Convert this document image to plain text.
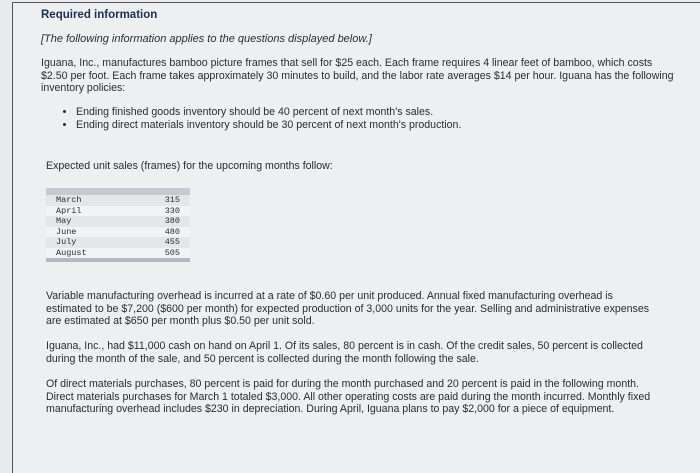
Required information
[The following information applies to the questions displayed below.]

Iguana, Inc., manufactures bamboo picture frames that sell for $25 each. Each frame requires 4 linear feet of bamboo, which costs $2.50 per foot. Each frame takes approximately 30 minutes to build, and the labor rate averages $14 per hour. Iguana has the following inventory policies:

• Ending finished goods inventory should be 40 percent of next month's sales.
• Ending direct materials inventory should be 30 percent of next month's production.

Expected unit sales (frames) for the upcoming months follow:

March	315
April	330
May	380
June	480
July	455
August	505

Variable manufacturing overhead is incurred at a rate of $0.60 per unit produced. Annual fixed manufacturing overhead is estimated to be $7,200 ($600 per month) for expected production of 3,000 units for the year. Selling and administrative expenses are estimated at $650 per month plus $0.50 per unit sold.

Iguana, Inc., had $11,000 cash on hand on April 1. Of its sales, 80 percent is in cash. Of the credit sales, 50 percent is collected during the month of the sale, and 50 percent is collected during the month following the sale.

Of direct materials purchases, 80 percent is paid for during the month purchased and 20 percent is paid in the following month. Direct materials purchases for March 1 totaled $3,000. All other operating costs are paid during the month incurred. Monthly fixed manufacturing overhead includes $230 in depreciation. During April, Iguana plans to pay $2,000 for a piece of equipment.
